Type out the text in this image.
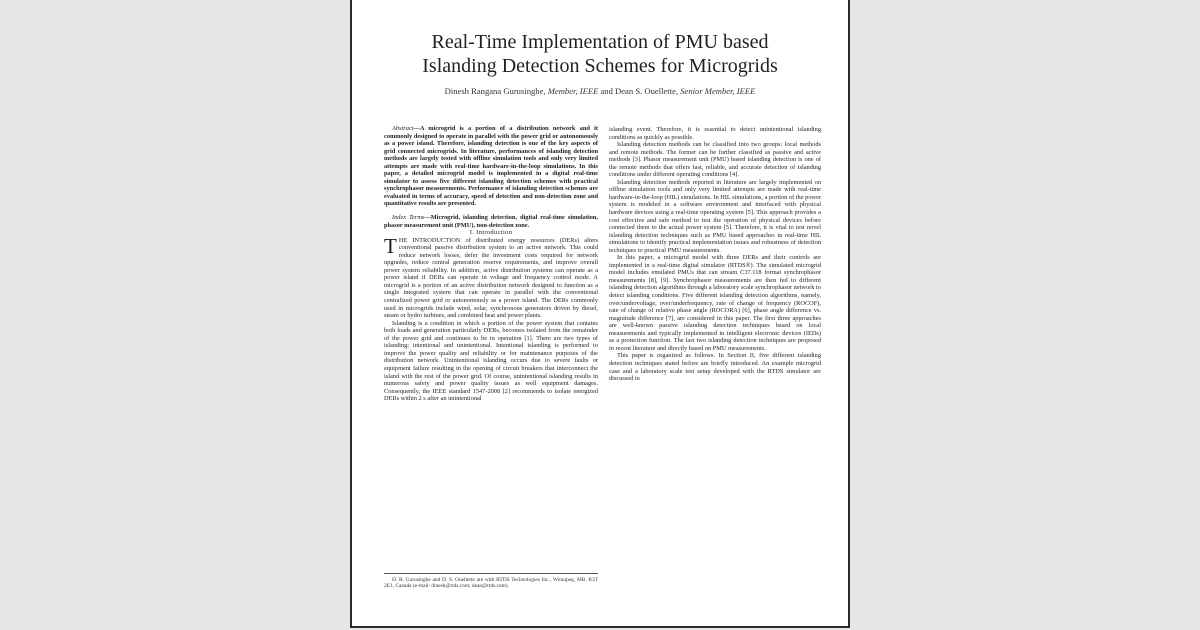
Real-Time Implementation of PMU based
Islanding Detection Schemes for Microgrids
Dinesh Rangana Gurusinghe, Member, IEEE and Dean S. Ouellette, Senior Member, IEEE

Abstract—A microgrid is a portion of a distribution network and it commonly designed to operate in parallel with the power grid or autonomously as a power island. Therefore, islanding detection is one of the key aspects of grid connected microgrids. In literature, performances of islanding detection methods are largely tested with offline simulation tools and only very limited attempts are made with real-time hardware-in-the-loop simulations. In this paper, a detailed microgrid model is implemented in a digital real-time simulator to assess five different islanding detection schemes with practical synchrophasor measurements. Performance of islanding detection schemes are evaluated in terms of accuracy, speed of detection and non-detection zone and quantitative results are presented.

Index Terms—Microgrid, islanding detection, digital real-time simulation, phasor measurement unit (PMU), non-detection zone.

I. Introduction

THE INTRODUCTION of distributed energy resources (DERs) alters conventional passive distribution system to an active network. This could reduce network losses, defer the investment costs required for network upgrades, reduce central generation reserve requirements, and improve overall power system reliability. In addition, active distribution systems can operate as a power island if DERs can operate in voltage and frequency control mode. A microgrid is a portion of an active distribution network designed to function as a single integrated system that can operate in parallel with the conventional centralized power grid or autonomously as a power island. The DERs commonly used in microgrids include wind, solar, synchronous generators driven by diesel, steam or hydro turbines, and combined heat and power plants.

Islanding is a condition in which a portion of the power system that contains both loads and generation particularly DERs, becomes isolated from the remainder of the power grid and continues to be in operation [1]. There are two types of islanding; intentional and unintentional. Intentional islanding is performed to improve the power quality and reliability or for maintenance purposes of the distribution network. Unintentional islanding occurs due to severe faults or equipment failure resulting in the opening of circuit breakers that interconnect the island with the rest of the power grid. Of course, unintentional islanding results in numerous safety and power quality issues as well equipment damages. Consequently, the IEEE standard 1547-2008 [2] recommends to isolate energized DERs within 2 s after an unintentional

D. R. Gurusinghe and D. S. Ouellette are with RTDS Technologies Inc., Winnipeg, MB, R3T 2E1, Canada (e-mail: dinesh@rtds.com; dean@rtds.com).

islanding event. Therefore, it is essential to detect unintentional islanding conditions as quickly as possible.

Islanding detection methods can be classified into two groups: local methods and remote methods. The former can be further classified as passive and active methods [3]. Phasor measurement unit (PMU) based islanding detection is one of the remote methods that offers fast, reliable, and accurate detection of islanding conditions under different operating conditions [4].

Islanding detection methods reported in literature are largely implemented on offline simulation tools and only very limited attempts are made with real-time hardware-in-the-loop (HIL) simulations. In HIL simulations, a portion of the power system is modeled in a software environment and interfaced with physical hardware devices using a real-time operating system [5]. This approach provides a cost effective and safe method to test the operation of physical devices before connected them to the actual power system [5]. Therefore, it is vital to test novel islanding detection techniques such as PMU based approaches in real-time HIL simulations to identify practical implementation issues and robustness of detection techniques to practical PMU measurements.

In this paper, a microgrid model with three DERs and their controls are implemented in a real-time digital simulator (RTDS®). The simulated microgrid model includes emulated PMUs that can stream C37.118 format synchrophasor measurements [8], [9]. Synchrophasor measurements are then fed to different islanding detection algorithms through a laboratory scale synchrophasor network to detect islanding conditions. Five different islanding detection algorithms, namely, over/undervoltage, over/underfrequency, rate of change of frequency (ROCOF), rate of change of relative phase angle (ROCORA) [6], phase angle difference vs. magnitude difference [7], are considered in this paper. The first three approaches are well-known passive islanding detection techniques based on local measurements and typically implemented in intelligent electronic devices (IEDs) as a protection function. The last two islanding detection techniques are proposed in recent literature and directly based on PMU measurements.

This paper is organized as follows. In Section II, five different islanding detection techniques stated before are briefly introduced. An example microgrid case and a laboratory scale test setup developed with the RTDS simulator are discussed in
